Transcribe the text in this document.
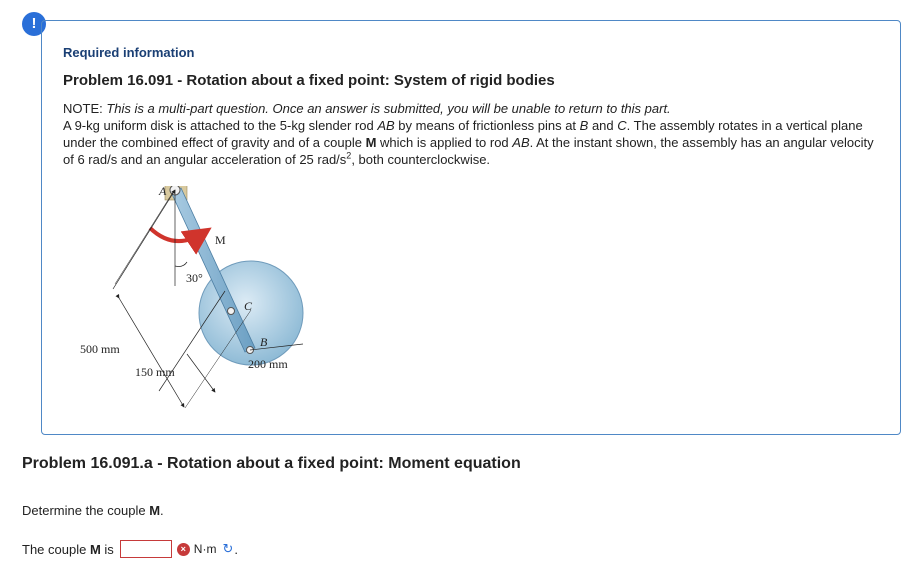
!
Required information
Problem 16.091 - Rotation about a fixed point: System of rigid bodies
NOTE: This is a multi-part question. Once an answer is submitted, you will be unable to return to this part.
A 9-kg uniform disk is attached to the 5-kg slender rod AB by means of frictionless pins at B and C. The assembly rotates in a vertical plane under the combined effect of gravity and of a couple M which is applied to rod AB. At the instant shown, the assembly has an angular velocity of 6 rad/s and an angular acceleration of 25 rad/$s^2$, both counterclockwise.
A
M
C
B
30°
500 mm
150 mm
200 mm
Problem 16.091.a - Rotation about a fixed point: Moment equation
Determine the couple M.
The couple M is	× N·m ↻ .
